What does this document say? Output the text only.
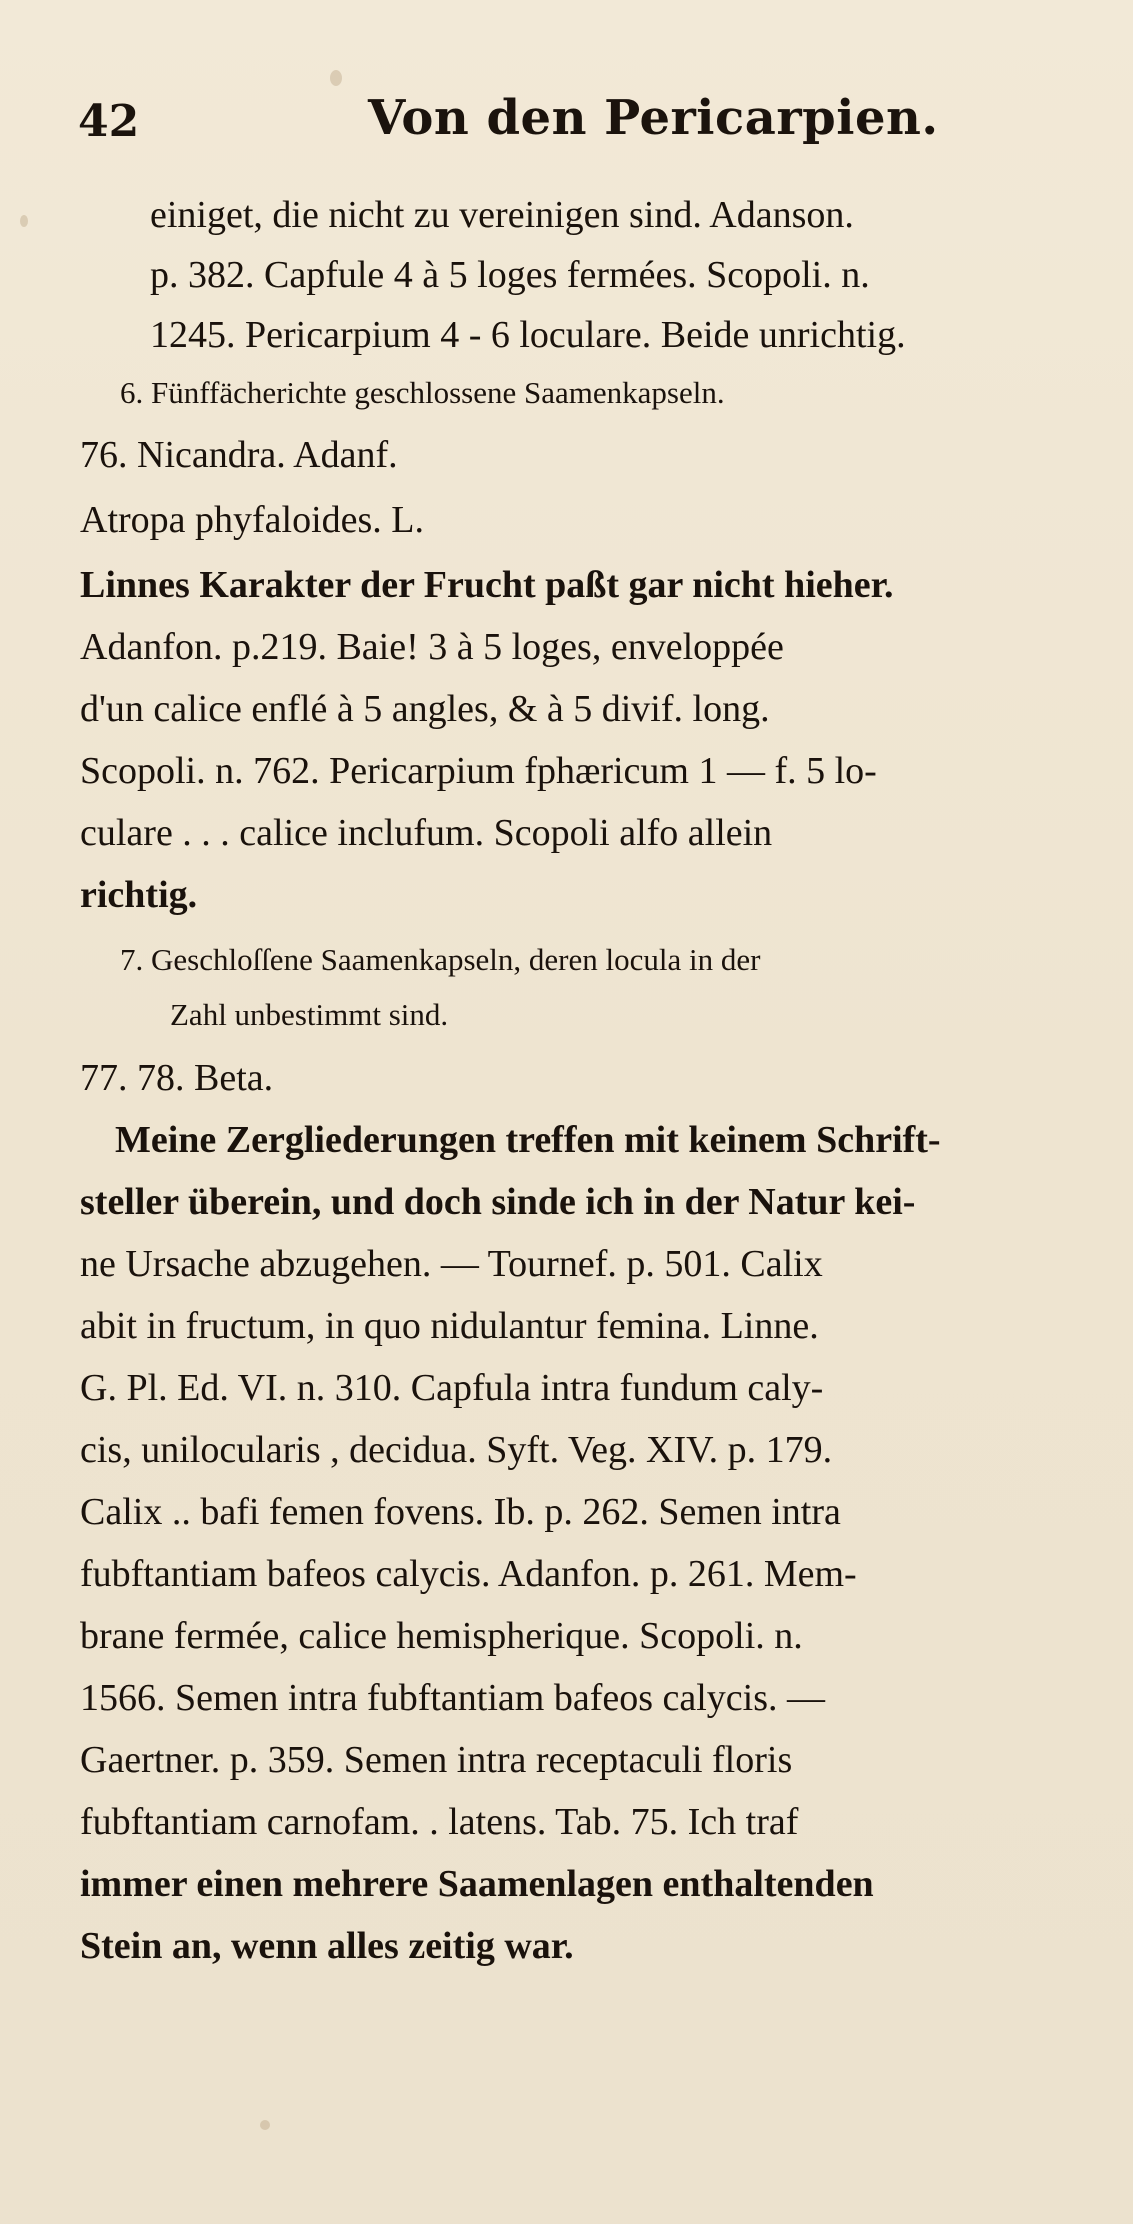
42	Von den Pericarpien.
einiget, die nicht zu vereinigen sind. Adanson.
p. 382. Capfule 4 à 5 loges fermées. Scopoli. n.
1245. Pericarpium 4 - 6 loculare. Beide unrichtig.
6. Fünffächerichte geschlossene Saamenkapseln.
76. Nicandra. Adanf.
Atropa phyfaloides. L.
Linnes Karakter der Frucht paßt gar nicht hieher.
Adanfon. p.219. Baie! 3 à 5 loges, enveloppée
d'un calice enflé à 5 angles, & à 5 divif. long.
Scopoli. n. 762. Pericarpium fphæricum 1 — f. 5 lo-
culare . . . calice inclufum. Scopoli alfo allein
richtig.
7. Geschloſſene Saamenkapseln, deren locula in der
Zahl unbestimmt sind.
77. 78. Beta.
Meine Zergliederungen treffen mit keinem Schrift-
steller überein, und doch sinde ich in der Natur kei-
ne Ursache abzugehen. — Tournef. p. 501. Calix
abit in fructum, in quo nidulantur femina. Linne.
G. Pl. Ed. VI. n. 310. Capfula intra fundum caly-
cis, unilocularis , decidua. Syft. Veg. XIV. p. 179.
Calix .. bafi femen fovens. Ib. p. 262. Semen intra
fubftantiam bafeos calycis. Adanfon. p. 261. Mem-
brane fermée, calice hemispherique. Scopoli. n.
1566. Semen intra fubftantiam bafeos calycis. —
Gaertner. p. 359. Semen intra receptaculi floris
fubftantiam carnofam. . latens. Tab. 75. Ich traf
immer einen mehrere Saamenlagen enthaltenden
Stein an, wenn alles zeitig war.
